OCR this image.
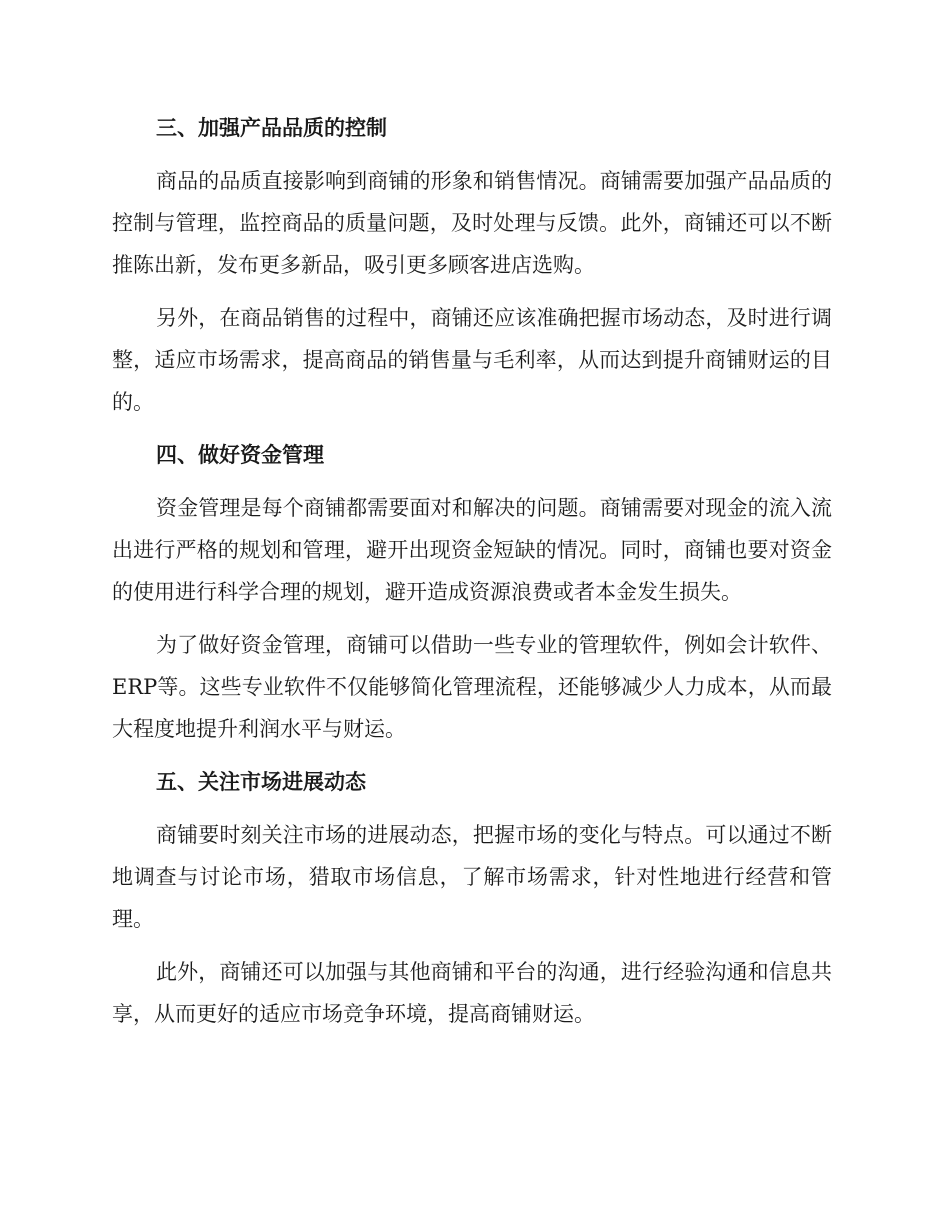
三、加强产品品质的控制

商品的品质直接影响到商铺的形象和销售情况。商铺需要加强产品品质的控制与管理，监控商品的质量问题，及时处理与反馈。此外，商铺还可以不断推陈出新，发布更多新品，吸引更多顾客进店选购。

另外，在商品销售的过程中，商铺还应该准确把握市场动态，及时进行调整，适应市场需求，提高商品的销售量与毛利率，从而达到提升商铺财运的目的。

四、做好资金管理

资金管理是每个商铺都需要面对和解决的问题。商铺需要对现金的流入流出进行严格的规划和管理，避开出现资金短缺的情况。同时，商铺也要对资金的使用进行科学合理的规划，避开造成资源浪费或者本金发生损失。

为了做好资金管理，商铺可以借助一些专业的管理软件，例如会计软件、ERP等。这些专业软件不仅能够简化管理流程，还能够减少人力成本，从而最大程度地提升利润水平与财运。

五、关注市场进展动态

商铺要时刻关注市场的进展动态，把握市场的变化与特点。可以通过不断地调查与讨论市场，猎取市场信息，了解市场需求，针对性地进行经营和管理。

此外，商铺还可以加强与其他商铺和平台的沟通，进行经验沟通和信息共享，从而更好的适应市场竞争环境，提高商铺财运。
